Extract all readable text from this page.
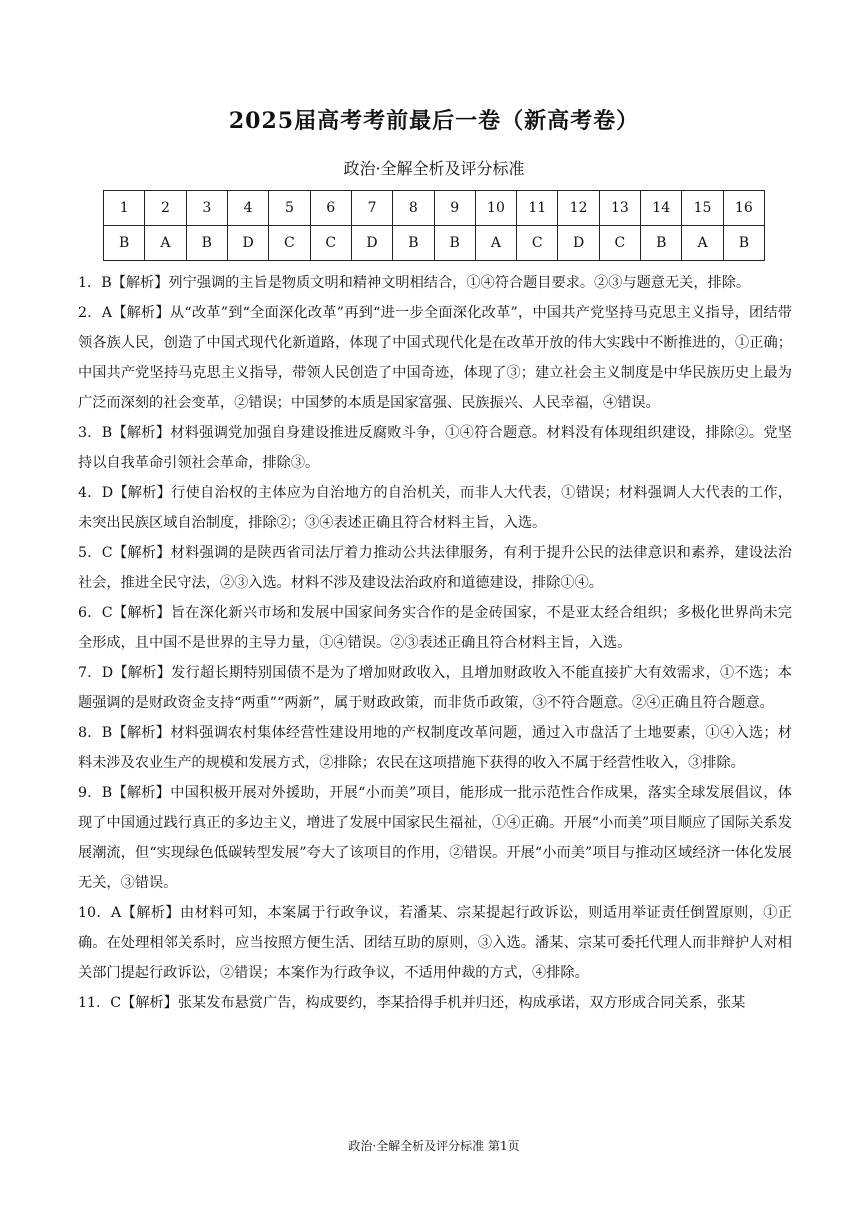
2025届高考考前最后一卷（新高考卷）
政治·全解全析及评分标准
1	2	3	4	5	6	7	8	9	10	11	12	13	14	15	16
B	A	B	D	C	C	D	B	B	A	C	D	C	B	A	B

1．B【解析】列宁强调的主旨是物质文明和精神文明相结合，①④符合题目要求。②③与题意无关，排除。

2．A【解析】从“改革”到“全面深化改革”再到“进一步全面深化改革”，中国共产党坚持马克思主义指导，团结带领各族人民，创造了中国式现代化新道路，体现了中国式现代化是在改革开放的伟大实践中不断推进的，①正确；中国共产党坚持马克思主义指导，带领人民创造了中国奇迹，体现了③；建立社会主义制度是中华民族历史上最为广泛而深刻的社会变革，②错误；中国梦的本质是国家富强、民族振兴、人民幸福，④错误。

3．B【解析】材料强调党加强自身建设推进反腐败斗争，①④符合题意。材料没有体现组织建设，排除②。党坚持以自我革命引领社会革命，排除③。

4．D【解析】行使自治权的主体应为自治地方的自治机关，而非人大代表，①错误；材料强调人大代表的工作，未突出民族区域自治制度，排除②；③④表述正确且符合材料主旨，入选。

5．C【解析】材料强调的是陕西省司法厅着力推动公共法律服务，有利于提升公民的法律意识和素养，建设法治社会，推进全民守法，②③入选。材料不涉及建设法治政府和道德建设，排除①④。

6．C【解析】旨在深化新兴市场和发展中国家间务实合作的是金砖国家，不是亚太经合组织；多极化世界尚未完全形成，且中国不是世界的主导力量，①④错误。②③表述正确且符合材料主旨，入选。

7．D【解析】发行超长期特别国债不是为了增加财政收入，且增加财政收入不能直接扩大有效需求，①不选；本题强调的是财政资金支持“两重”“两新”，属于财政政策，而非货币政策，③不符合题意。②④正确且符合题意。

8．B【解析】材料强调农村集体经营性建设用地的产权制度改革问题，通过入市盘活了土地要素，①④入选；材料未涉及农业生产的规模和发展方式，②排除；农民在这项措施下获得的收入不属于经营性收入，③排除。

9．B【解析】中国积极开展对外援助，开展“小而美”项目，能形成一批示范性合作成果，落实全球发展倡议，体现了中国通过践行真正的多边主义，增进了发展中国家民生福祉，①④正确。开展“小而美”项目顺应了国际关系发展潮流，但“实现绿色低碳转型发展”夸大了该项目的作用，②错误。开展“小而美”项目与推动区域经济一体化发展无关，③错误。

10．A【解析】由材料可知，本案属于行政争议，若潘某、宗某提起行政诉讼，则适用举证责任倒置原则，①正确。在处理相邻关系时，应当按照方便生活、团结互助的原则，③入选。潘某、宗某可委托代理人而非辩护人对相关部门提起行政诉讼，②错误；本案作为行政争议，不适用仲裁的方式，④排除。

11．C【解析】张某发布悬赏广告，构成要约，李某拾得手机并归还，构成承诺，双方形成合同关系，张某

政治·全解全析及评分标准 第1页
